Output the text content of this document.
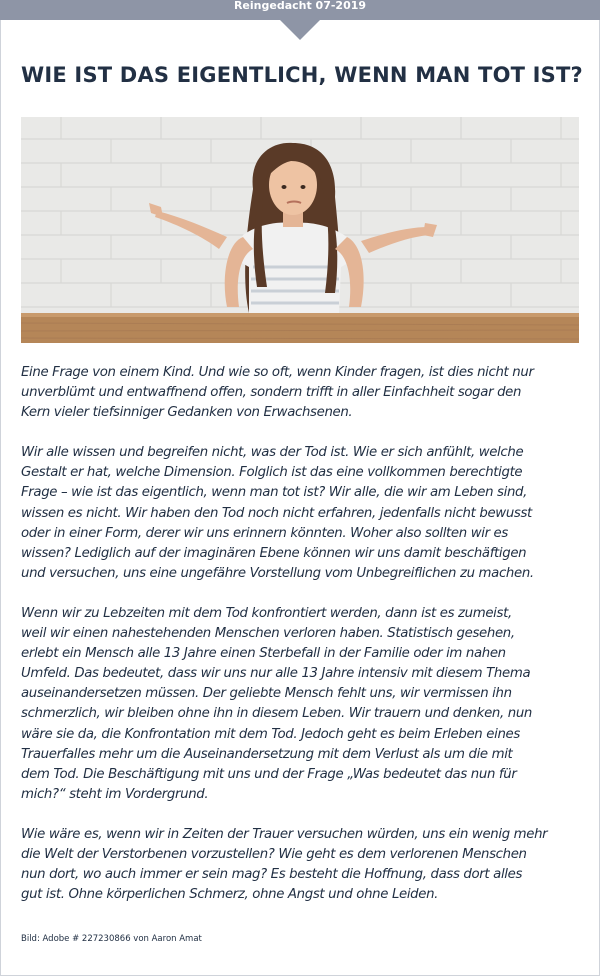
Reingedacht 07-2019
WIE IST DAS EIGENTLICH, WENN MAN TOT IST?

Eine Frage von einem Kind. Und wie so oft, wenn Kinder fragen, ist dies nicht nur
unverblümt und entwaffnend offen, sondern trifft in aller Einfachheit sogar den
Kern vieler tiefsinniger Gedanken von Erwachsenen.

Wir alle wissen und begreifen nicht, was der Tod ist. Wie er sich anfühlt, welche
Gestalt er hat, welche Dimension. Folglich ist das eine vollkommen berechtigte
Frage – wie ist das eigentlich, wenn man tot ist? Wir alle, die wir am Leben sind,
wissen es nicht. Wir haben den Tod noch nicht erfahren, jedenfalls nicht bewusst
oder in einer Form, derer wir uns erinnern könnten. Woher also sollten wir es
wissen? Lediglich auf der imaginären Ebene können wir uns damit beschäftigen
und versuchen, uns eine ungefähre Vorstellung vom Unbegreiflichen zu machen.

Wenn wir zu Lebzeiten mit dem Tod konfrontiert werden, dann ist es zumeist,
weil wir einen nahestehenden Menschen verloren haben. Statistisch gesehen,
erlebt ein Mensch alle 13 Jahre einen Sterbefall in der Familie oder im nahen
Umfeld. Das bedeutet, dass wir uns nur alle 13 Jahre intensiv mit diesem Thema
auseinandersetzen müssen. Der geliebte Mensch fehlt uns, wir vermissen ihn
schmerzlich, wir bleiben ohne ihn in diesem Leben. Wir trauern und denken, nun
wäre sie da, die Konfrontation mit dem Tod. Jedoch geht es beim Erleben eines
Trauerfalles mehr um die Auseinandersetzung mit dem Verlust als um die mit
dem Tod. Die Beschäftigung mit uns und der Frage „Was bedeutet das nun für
mich?“ steht im Vordergrund.

Wie wäre es, wenn wir in Zeiten der Trauer versuchen würden, uns ein wenig mehr
die Welt der Verstorbenen vorzustellen? Wie geht es dem verlorenen Menschen
nun dort, wo auch immer er sein mag? Es besteht die Hoffnung, dass dort alles
gut ist. Ohne körperlichen Schmerz, ohne Angst und ohne Leiden.

Bild: Adobe # 227230866 von Aaron Amat
